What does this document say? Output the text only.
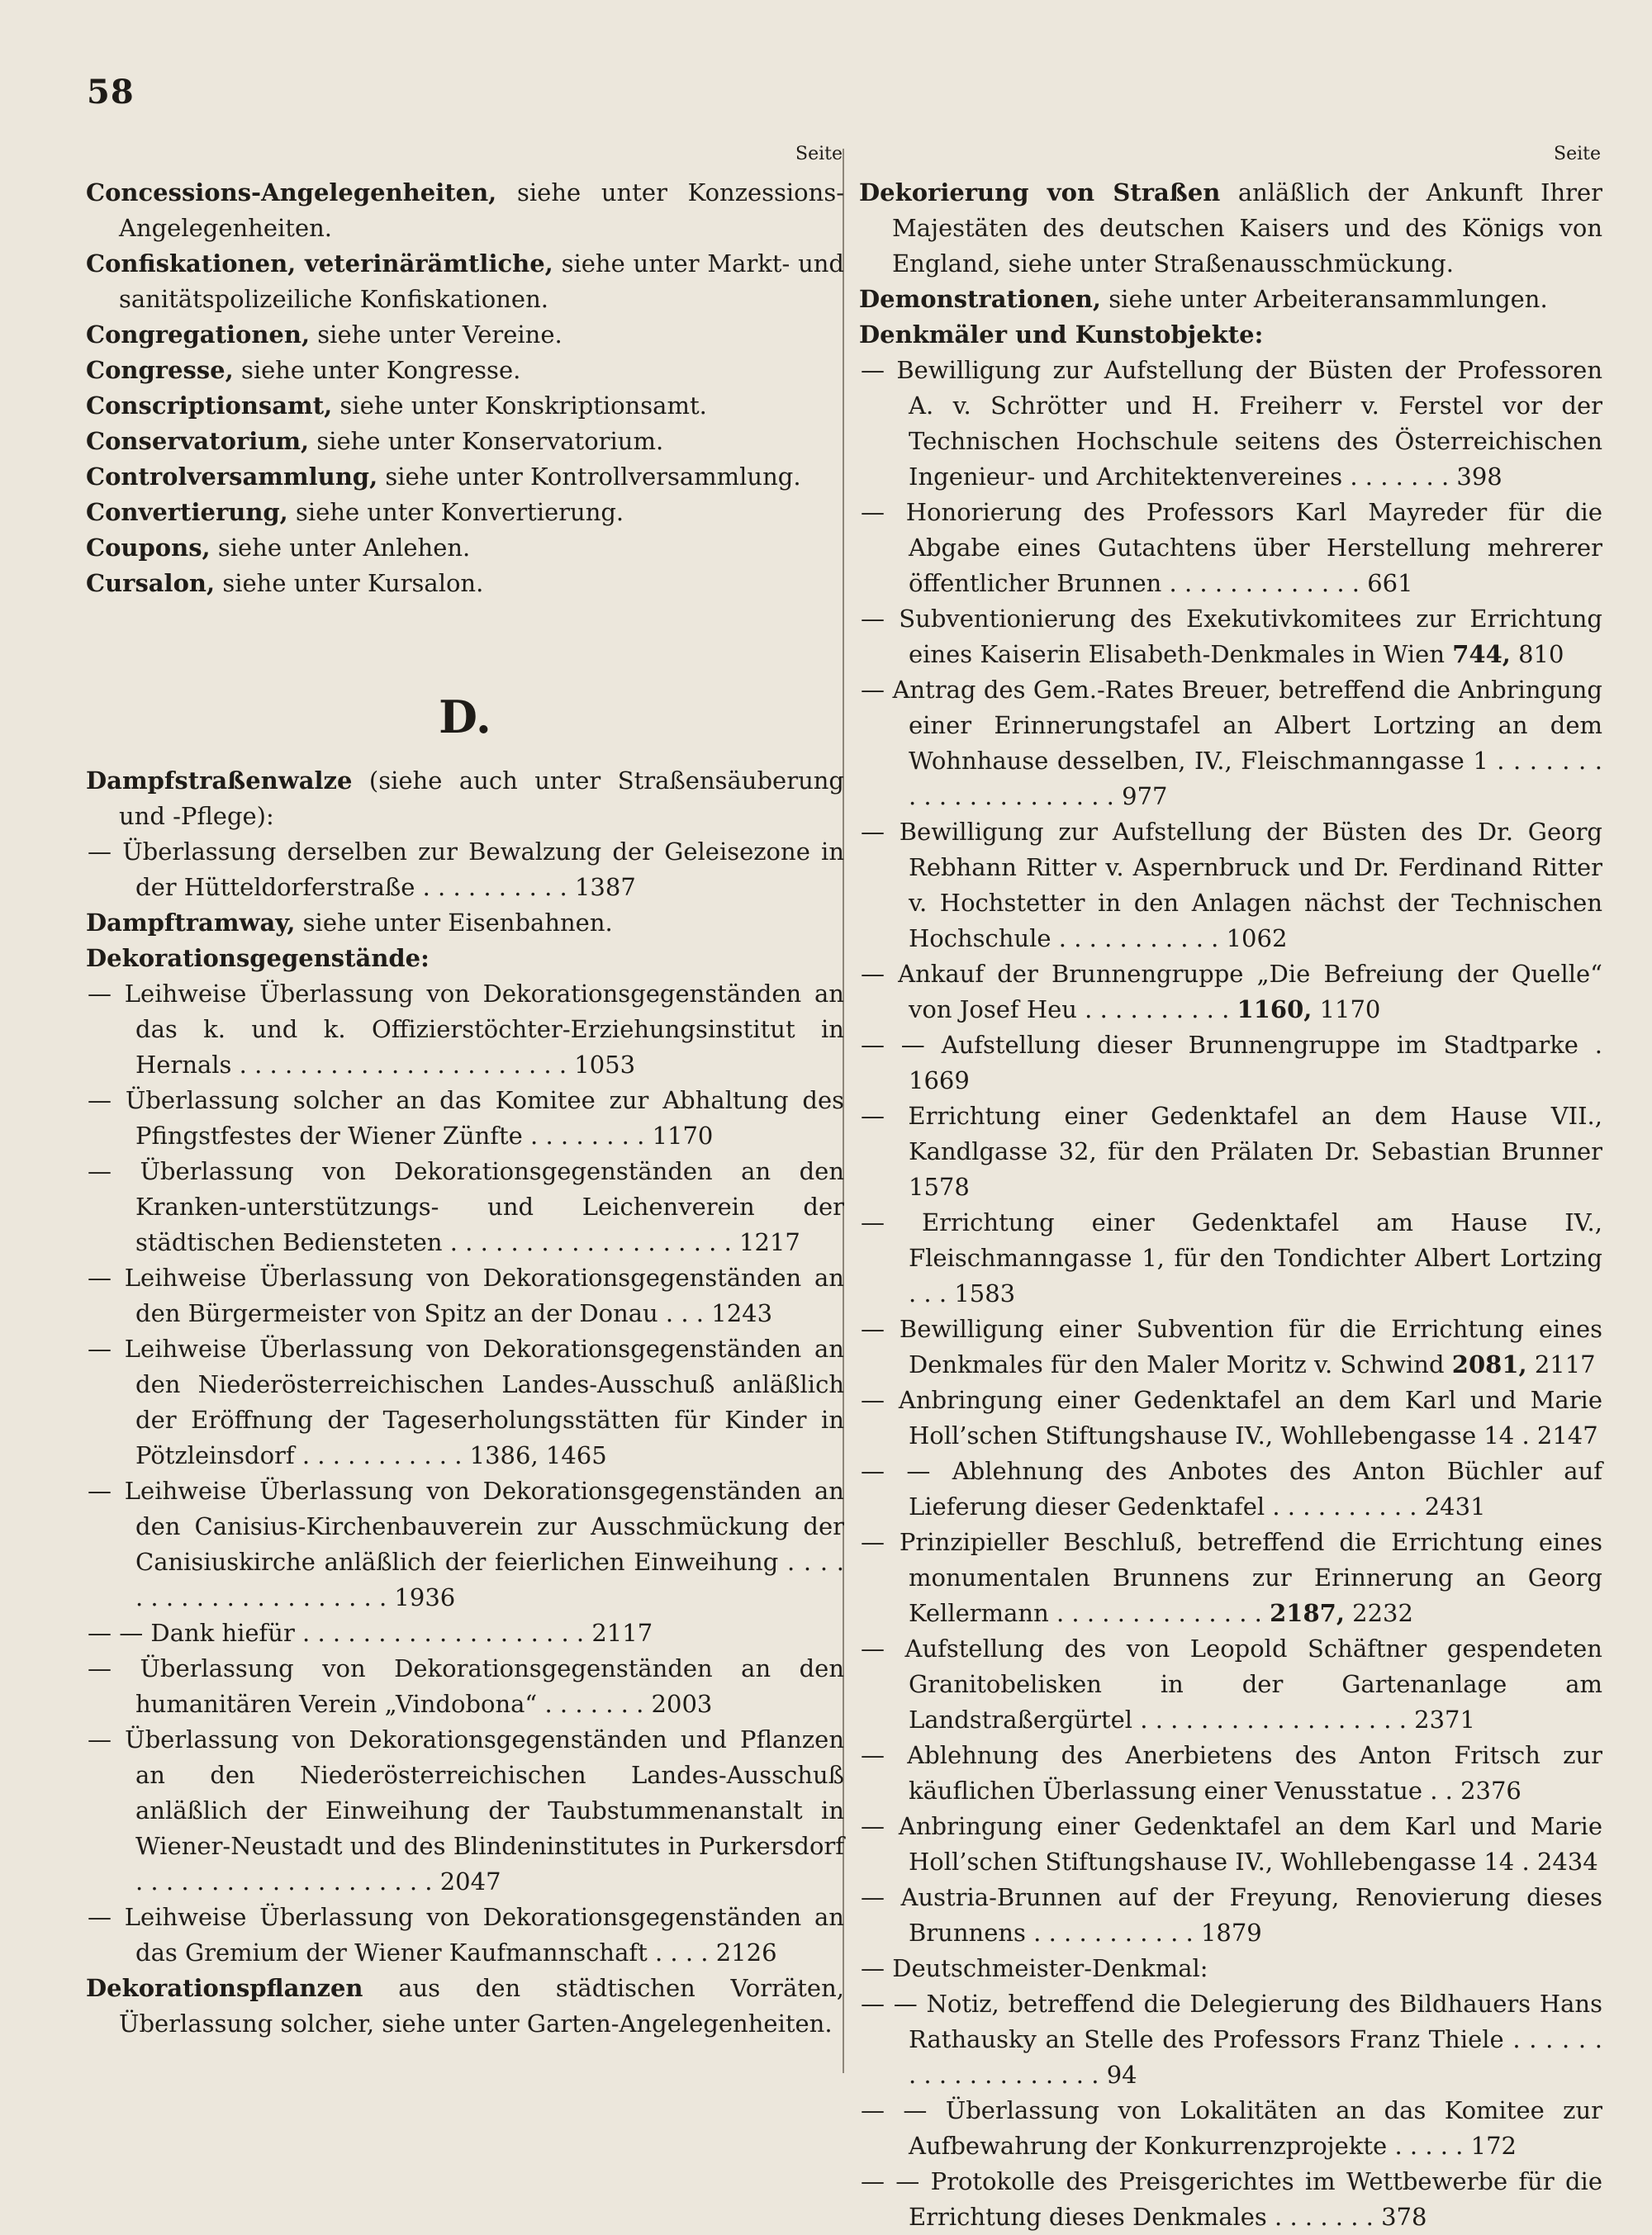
58
Seite
Concessions-Angelegenheiten, siehe unter Konzessions-Angelegenheiten.
Confiskationen, veterinärämtliche, siehe unter Markt- und sanitätspolizeiliche Konfiskationen.
Congregationen, siehe unter Vereine.
Congresse, siehe unter Kongresse.
Conscriptionsamt, siehe unter Konskriptionsamt.
Conservatorium, siehe unter Konservatorium.
Controlversammlung, siehe unter Kontrollversammlung.
Convertierung, siehe unter Konvertierung.
Coupons, siehe unter Anlehen.
Cursalon, siehe unter Kursalon.
D.
Dampfstraßenwalze (siehe auch unter Straßensäuberung und -Pflege):
— Überlassung derselben zur Bewalzung der Geleisezone in der Hütteldorferstraße . . . . . . . . . . 1387
Dampftramway, siehe unter Eisenbahnen.
Dekorationsgegenstände:
— Leihweise Überlassung von Dekorationsgegenständen an das k. und k. Offizierstöchter-Erziehungsinstitut in Hernals . . . . . . . . . . . . . . . . . . . . . . 1053
— Überlassung solcher an das Komitee zur Abhaltung des Pfingstfestes der Wiener Zünfte . . . . . . . . 1170
— Überlassung von Dekorationsgegenständen an den Kranken-unterstützungs- und Leichenverein der städtischen Bediensteten . . . . . . . . . . . . . . . . . . . 1217
— Leihweise Überlassung von Dekorationsgegenständen an den Bürgermeister von Spitz an der Donau . . . 1243
— Leihweise Überlassung von Dekorationsgegenständen an den Niederösterreichischen Landes-Ausschuß anläßlich der Eröffnung der Tageserholungsstätten für Kinder in Pötzleinsdorf . . . . . . . . . . . 1386, 1465
— Leihweise Überlassung von Dekorationsgegenständen an den Canisius-Kirchenbauverein zur Ausschmückung der Canisiuskirche anläßlich der feierlichen Einweihung . . . . . . . . . . . . . . . . . . . . . 1936
— — Dank hiefür . . . . . . . . . . . . . . . . . . . 2117
— Überlassung von Dekorationsgegenständen an den humanitären Verein „Vindobona“ . . . . . . . 2003
— Überlassung von Dekorationsgegenständen und Pflanzen an den Niederösterreichischen Landes-Ausschuß anläßlich der Einweihung der Taubstummenanstalt in Wiener-Neustadt und des Blindeninstitutes in Purkersdorf . . . . . . . . . . . . . . . . . . . . 2047
— Leihweise Überlassung von Dekorationsgegenständen an das Gremium der Wiener Kaufmannschaft . . . . 2126
Dekorationspflanzen aus den städtischen Vorräten, Überlassung solcher, siehe unter Garten-Angelegenheiten.
Seite
Dekorierung von Straßen anläßlich der Ankunft Ihrer Majestäten des deutschen Kaisers und des Königs von England, siehe unter Straßenausschmückung.
Demonstrationen, siehe unter Arbeiteransammlungen.
Denkmäler und Kunstobjekte:
— Bewilligung zur Aufstellung der Büsten der Professoren A. v. Schrötter und H. Freiherr v. Ferstel vor der Technischen Hochschule seitens des Österreichischen Ingenieur- und Architektenvereines . . . . . . . 398
— Honorierung des Professors Karl Mayreder für die Abgabe eines Gutachtens über Herstellung mehrerer öffentlicher Brunnen . . . . . . . . . . . . . 661
— Subventionierung des Exekutivkomitees zur Errichtung eines Kaiserin Elisabeth-Denkmales in Wien 744, 810
— Antrag des Gem.-Rates Breuer, betreffend die Anbringung einer Erinnerungstafel an Albert Lortzing an dem Wohnhause desselben, IV., Fleischmanngasse 1 . . . . . . . . . . . . . . . . . . . . . 977
— Bewilligung zur Aufstellung der Büsten des Dr. Georg Rebhann Ritter v. Aspernbruck und Dr. Ferdinand Ritter v. Hochstetter in den Anlagen nächst der Technischen Hochschule . . . . . . . . . . . 1062
— Ankauf der Brunnengruppe „Die Befreiung der Quelle“ von Josef Heu . . . . . . . . . . 1160, 1170
— — Aufstellung dieser Brunnengruppe im Stadtparke . 1669
— Errichtung einer Gedenktafel an dem Hause VII., Kandlgasse 32, für den Prälaten Dr. Sebastian Brunner 1578
— Errichtung einer Gedenktafel am Hause IV., Fleischmanngasse 1, für den Tondichter Albert Lortzing . . . 1583
— Bewilligung einer Subvention für die Errichtung eines Denkmales für den Maler Moritz v. Schwind 2081, 2117
— Anbringung einer Gedenktafel an dem Karl und Marie Holl’schen Stiftungshause IV., Wohllebengasse 14 . 2147
— — Ablehnung des Anbotes des Anton Büchler auf Lieferung dieser Gedenktafel . . . . . . . . . . 2431
— Prinzipieller Beschluß, betreffend die Errichtung eines monumentalen Brunnens zur Erinnerung an Georg Kellermann . . . . . . . . . . . . . . 2187, 2232
— Aufstellung des von Leopold Schäftner gespendeten Granitobelisken in der Gartenanlage am Landstraßergürtel . . . . . . . . . . . . . . . . . . 2371
— Ablehnung des Anerbietens des Anton Fritsch zur käuflichen Überlassung einer Venusstatue . . 2376
— Anbringung einer Gedenktafel an dem Karl und Marie Holl’schen Stiftungshause IV., Wohllebengasse 14 . 2434
— Austria-Brunnen auf der Freyung, Renovierung dieses Brunnens . . . . . . . . . . . 1879
— Deutschmeister-Denkmal:
— — Notiz, betreffend die Delegierung des Bildhauers Hans Rathausky an Stelle des Professors Franz Thiele . . . . . . . . . . . . . . . . . . . 94
— — Überlassung von Lokalitäten an das Komitee zur Aufbewahrung der Konkurrenzprojekte . . . . . 172
— — Protokolle des Preisgerichtes im Wettbewerbe für die Errichtung dieses Denkmales . . . . . . . 378
